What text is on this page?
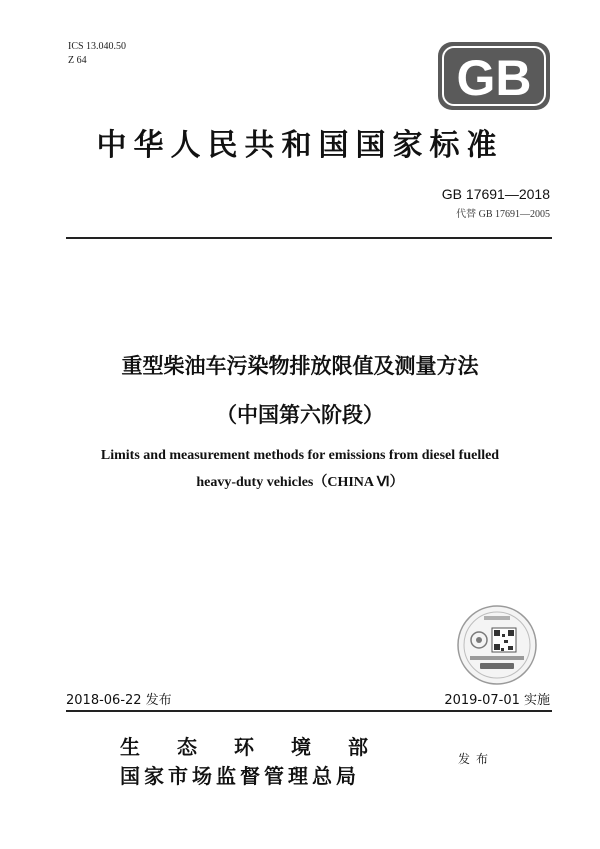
ICS 13.040.50
Z 64	GB
中华人民共和国国家标准
GB 17691—2018
代替 GB 17691—2005
重型柴油车污染物排放限值及测量方法
（中国第六阶段）
Limits and measurement methods for emissions from diesel fuelled
heavy-duty vehicles（CHINA Ⅵ）
2018-06-22 发布	2019-07-01 实施
生态环境部
国家市场监督管理总局
发布
